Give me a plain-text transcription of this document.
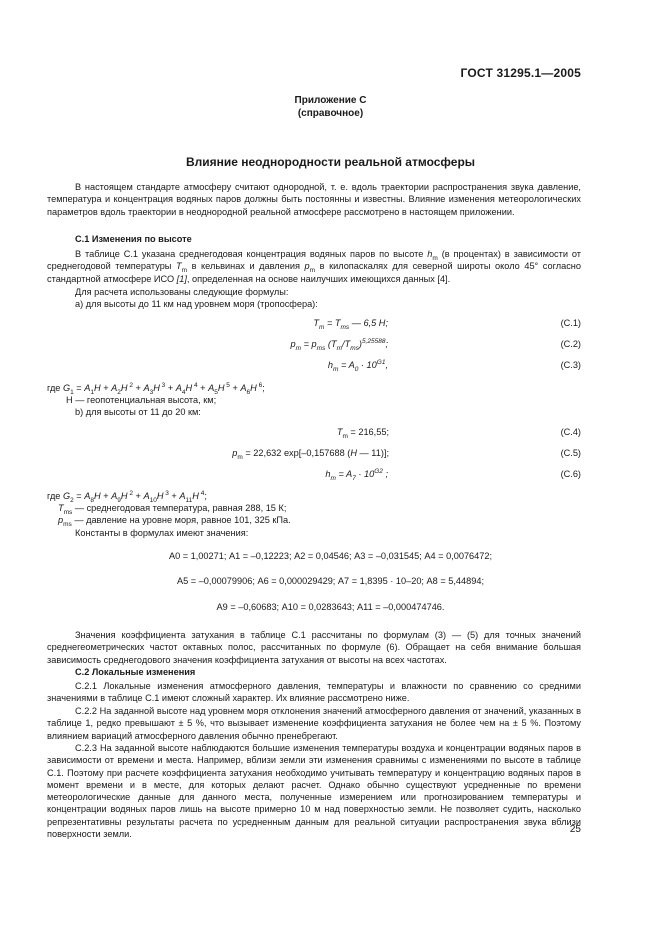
ГОСТ 31295.1—2005
Приложение С
(справочное)
Влияние неоднородности реальной атмосферы

В настоящем стандарте атмосферу считают однородной, т. е. вдоль траектории распространения звука давление, температура и концентрация водяных паров должны быть постоянны и известны. Влияние изменения метеорологических параметров вдоль траектории в неоднородной реальной атмосфере рассмотрено в настоящем приложении.

С.1 Изменения по высоте

В таблице С.1 указана среднегодовая концентрация водяных паров по высоте $h_m$ (в процентах) в зависимости от среднегодовой температуры $T_m$ в кельвинах и давления $p_m$ в килопаскалях для северной широты около 45° согласно стандартной атмосфере ИСО [1], определенная на основе наилучших имеющихся данных [4].

Для расчета использованы следующие формулы:
а) для высоты до 11 км над уровнем моря (тропосфера):
$T_m = T_{ms}$ — 6,5 H;	(С.1)
$p_m = p_{ms}$ $(T_m/T_{ms})^{5,25588}$;	(С.2)
$h_m = A_0 \cdot 10^{G1}$,	(С.3)
где $G_1 = A_1H + A_2H$ $^2 + A_3H$ $^3 + A_4H$ $^4 + A_5H$ $^5 + A_6H$ $^6$;
Н — геопотенциальная высота, км;
b) для высоты от 11 до 20 км:
$T_m = 216,55$;	(С.4)
$p_m = 22,632$ exp[–0,157688 (H — 11)];	(С.5)
$h_m = A_7 \cdot 10^{G2}$ ;	(С.6)
где $G_2 = A_8H + A_9H$ $^2 + A_{10}H$ $^3 + A_{11}H$ $^4$;
$T_{ms}$ — среднегодовая температура, равная 288, 15 К;
$p_{ms}$ — давление на уровне моря, равное 101, 325 кПа.
Константы в формулах имеют значения:
А0 = 1,00271; А1 = –0,12223; А2 = 0,04546; А3 = –0,031545; А4 = 0,0076472;
А5 = –0,00079906; А6 = 0,000029429; А7 = 1,8395 · 10–20; А8 = 5,44894;
А9 = –0,60683; А10 = 0,0283643; А11 = –0,000474746.

Значения коэффициента затухания в таблице С.1 рассчитаны по формулам (3) — (5) для точных значений среднегеометрических частот октавных полос, рассчитанных по формуле (6). Обращает на себя внимание большая зависимость среднегодового значения коэффициента затухания от высоты на всех частотах.

С.2 Локальные изменения

С.2.1 Локальные изменения атмосферного давления, температуры и влажности по сравнению со средними значениями в таблице С.1 имеют сложный характер. Их влияние рассмотрено ниже.

С.2.2 На заданной высоте над уровнем моря отклонения значений атмосферного давления от значений, указанных в таблице 1, редко превышают ± 5 %, что вызывает изменение коэффициента затухания не более чем на ± 5 %. Поэтому влиянием вариаций атмосферного давления обычно пренебрегают.

С.2.3 На заданной высоте наблюдаются большие изменения температуры воздуха и концентрации водяных паров в зависимости от времени и места. Например, вблизи земли эти изменения сравнимы с изменениями по высоте в таблице С.1. Поэтому при расчете коэффициента затухания необходимо учитывать температуру и концентрацию водяных паров в момент времени и в месте, для которых делают расчет. Однако обычно существуют усредненные по времени метеорологические данные для данного места, полученные измерением или прогнозированием температуры и концентрации водяных паров лишь на высоте примерно 10 м над поверхностью земли. Не позволяет судить, насколько репрезентативны результаты расчета по усредненным данным для реальной ситуации распространения звука вблизи поверхности земли.	25
